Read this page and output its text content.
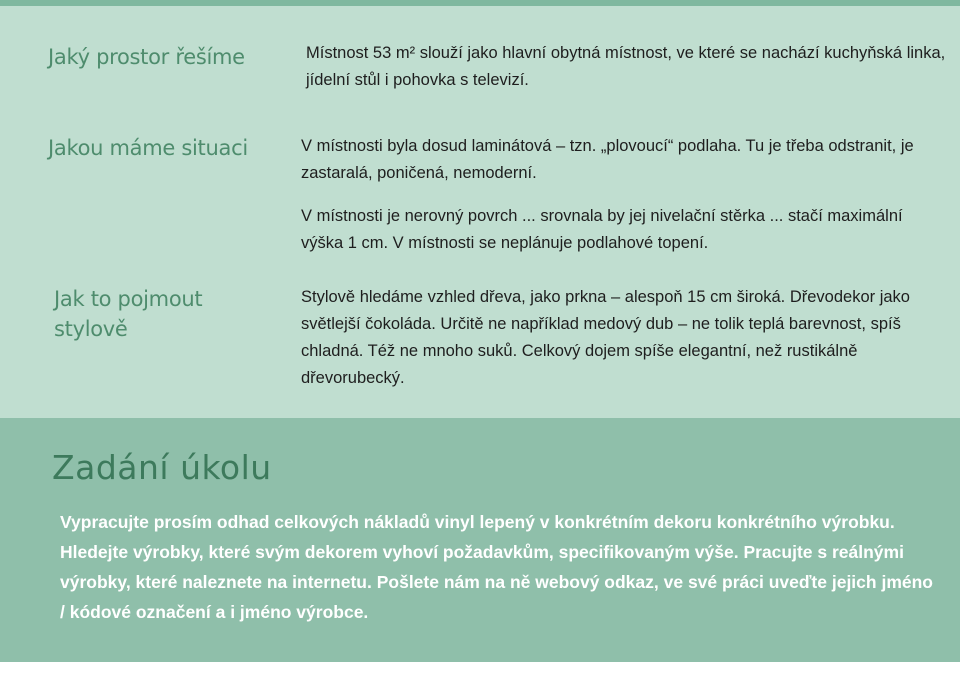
Jaký prostor řešíme	Místnost 53 m² slouží jako hlavní obytná místnost, ve které se nachází kuchyňská linka, jídelní stůl i pohovka s televizí.
Jakou máme situaci	V místnosti byla dosud laminátová – tzn. „plovoucí“ podlaha. Tu je třeba odstranit, je zastaralá, poničená, nemoderní.
V místnosti je nerovný povrch ... srovnala by jej nivelační stěrka ... stačí maximální výška 1 cm. V místnosti se neplánuje podlahové topení.
Jak to pojmout stylově
Stylově hledáme vzhled dřeva, jako prkna – alespoň 15 cm široká. Dřevodekor jako světlejší čokoláda. Určitě ne například medový dub – ne tolik teplá barevnost, spíš chladná. Též ne mnoho suků. Celkový dojem spíše elegantní, než rustikálně dřevorubecký.
Zadání úkolu
Vypracujte prosím odhad celkových nákladů vinyl lepený v konkrétním dekoru konkrétního výrobku. Hledejte výrobky, které svým dekorem vyhoví požadavkům, specifikovaným výše. Pracujte s reálnými výrobky, které naleznete na internetu. Pošlete nám na ně webový odkaz, ve své práci uveďte jejich jméno / kódové označení a i jméno výrobce.
